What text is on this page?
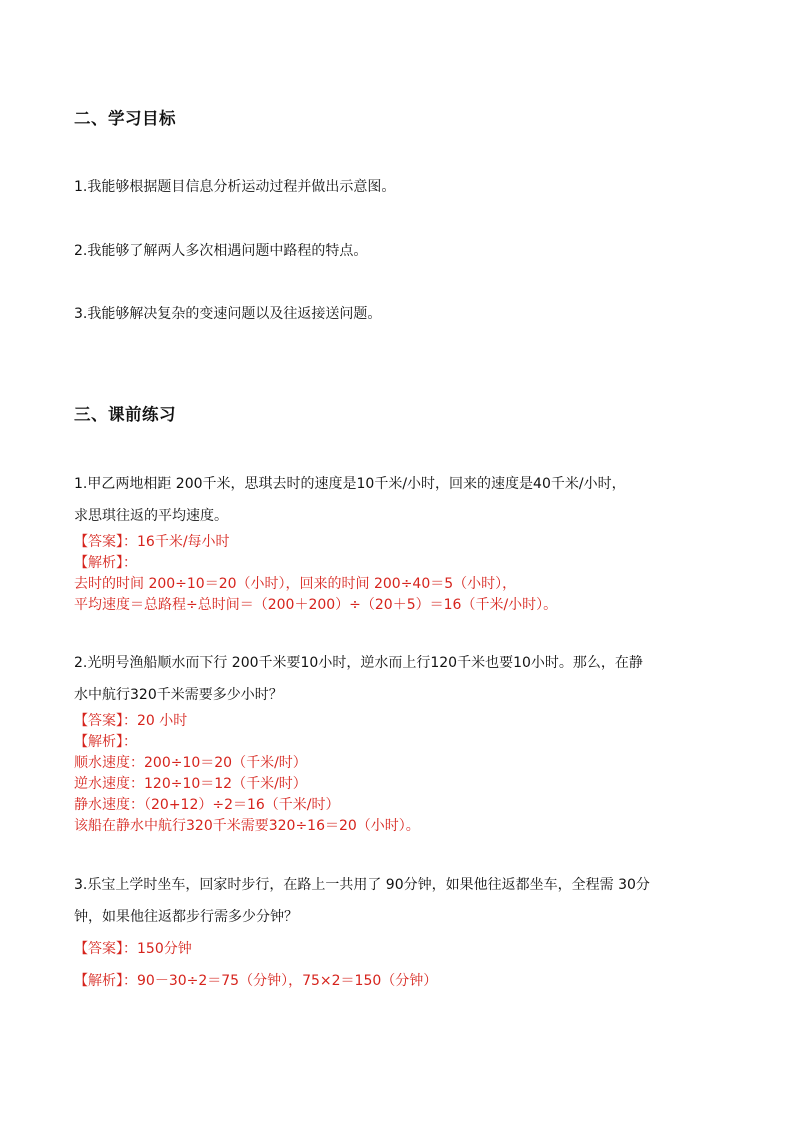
二、学习目标
1.我能够根据题目信息分析运动过程并做出示意图。
2.我能够了解两人多次相遇问题中路程的特点。
3.我能够解决复杂的变速问题以及往返接送问题。
三、课前练习
1.甲乙两地相距 200千米，思琪去时的速度是10千米/小时，回来的速度是40千米/小时，
求思琪往返的平均速度。
【答案】：16千米/每小时
【解析】：
去时的时间 200÷10＝20（小时），回来的时间 200÷40＝5（小时），
平均速度＝总路程÷总时间＝（200＋200）÷（20＋5）＝16（千米/小时）。
2.光明号渔船顺水而下行 200千米要10小时，逆水而上行120千米也要10小时。那么，在静
水中航行320千米需要多少小时？
【答案】：20 小时
【解析】：
顺水速度：200÷10＝20（千米/时）
逆水速度：120÷10＝12（千米/时）
静水速度：（20+12）÷2＝16（千米/时）
该船在静水中航行320千米需要320÷16＝20（小时）。
3.乐宝上学时坐车，回家时步行，在路上一共用了 90分钟，如果他往返都坐车，全程需 30分
钟，如果他往返都步行需多少分钟？
【答案】：150分钟
【解析】：90－30÷2＝75（分钟），75×2＝150（分钟）
